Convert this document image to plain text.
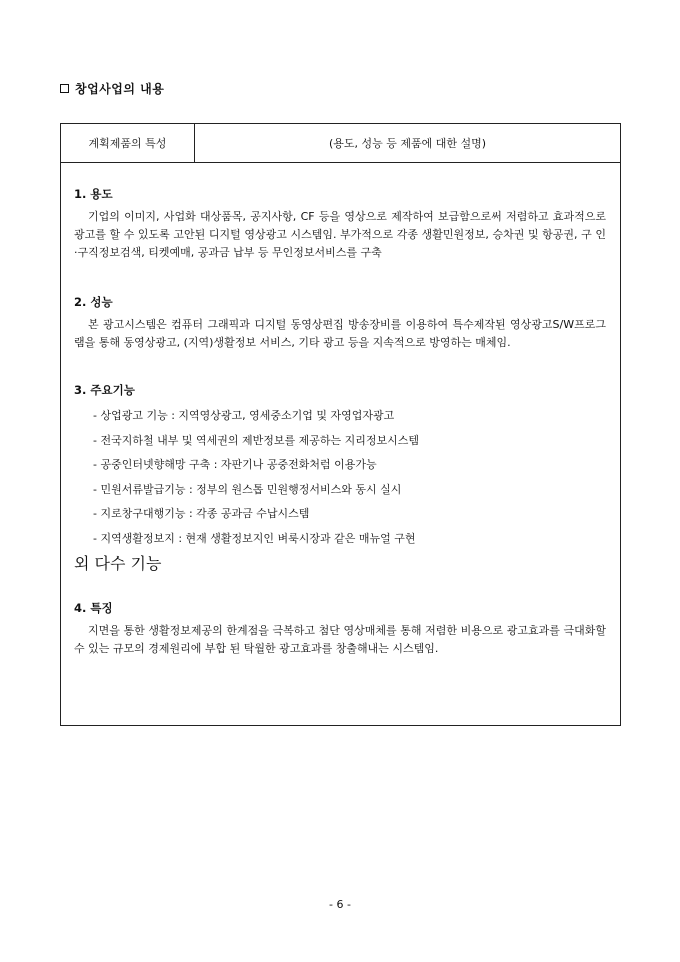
창업사업의 내용
계획제품의 특성	(용도, 성능 등 제품에 대한 설명)
1. 용도

기업의 이미지, 사업화 대상품목, 공지사항, CF 등을 영상으로 제작하여 보급함으로써 저렴하고 효과적으로 광고를 할 수 있도록 고안된 디지털 영상광고 시스템임. 부가적으로 각종 생활민원정보, 승차권 및 항공권, 구 인·구직정보검색, 티켓예매, 공과금 납부 등 무인정보서비스를 구축

2. 성능

본 광고시스템은 컴퓨터 그래픽과 디지털 동영상편집 방송장비를 이용하여 특수제작된 영상광고S/W프로그램을 통해 동영상광고, (지역)생활정보 서비스, 기타 광고 등을 지속적으로 방영하는 매체임.

3. 주요기능
- 상업광고 기능 : 지역영상광고, 영세중소기업 및 자영업자광고
- 전국지하철 내부 및 역세권의 제반정보를 제공하는 지리정보시스템
- 공중인터넷향해망 구축 : 자판기나 공중전화처럼 이용가능
- 민원서류발급기능 : 정부의 원스톱 민원행정서비스와 동시 실시
- 지로창구대행기능 : 각종 공과금 수납시스템
- 지역생활정보지 : 현재 생활정보지인 벼룩시장과 같은 매뉴얼 구현
외 다수 기능
4. 특징

지면을 통한 생활정보제공의 한계점을 극복하고 첨단 영상매체를 통해 저렴한 비용으로 광고효과를 극대화할 수 있는 규모의 경제원리에 부합 된 탁월한 광고효과를 창출해내는 시스템임.

- 6 -
